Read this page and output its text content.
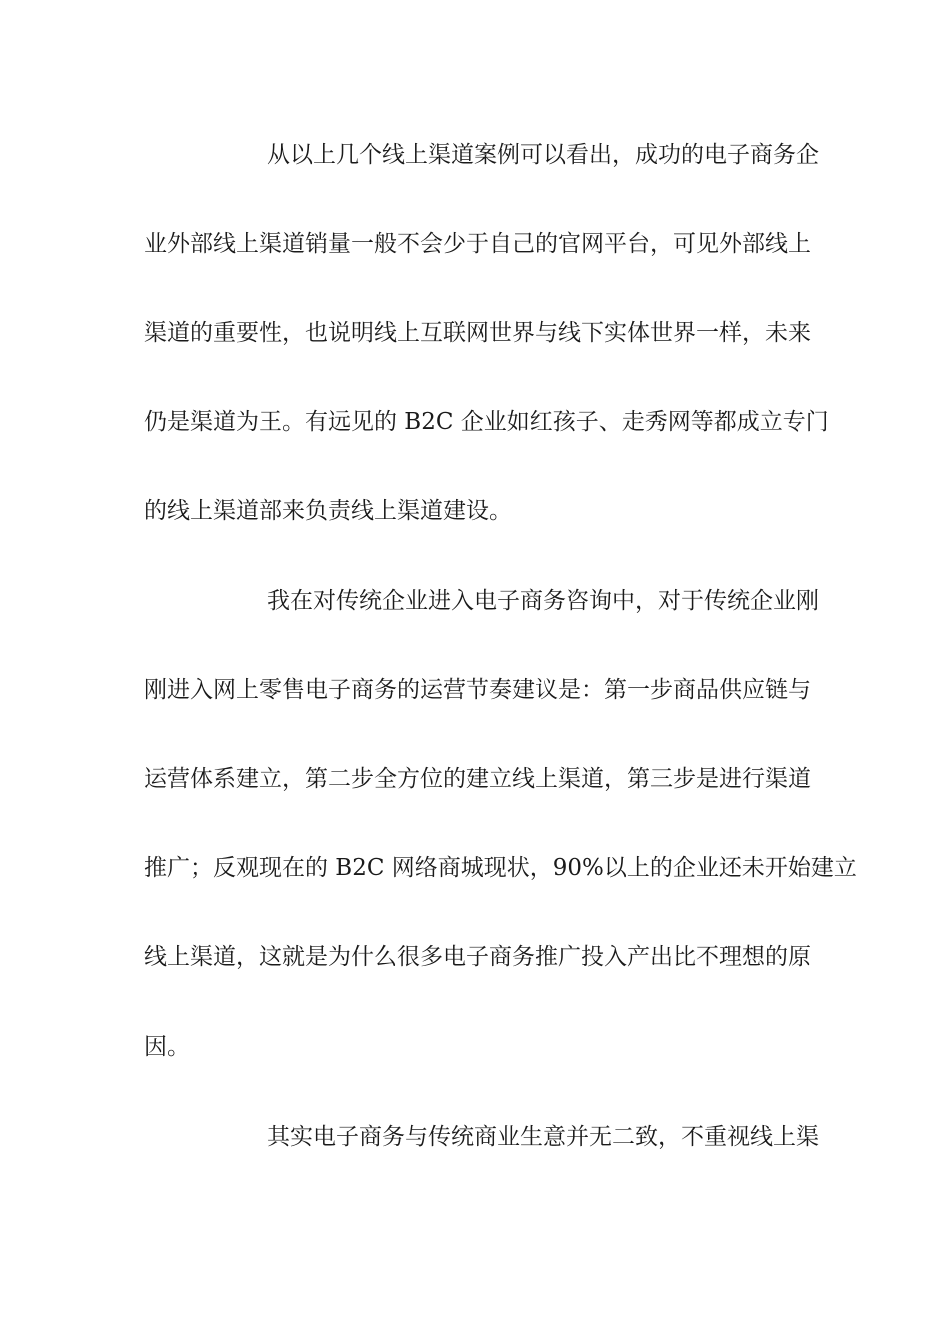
从以上几个线上渠道案例可以看出，成功的电子商务企
业外部线上渠道销量一般不会少于自己的官网平台，可见外部线上
渠道的重要性，也说明线上互联网世界与线下实体世界一样，未来
仍是渠道为王。有远见的 B2C 企业如红孩子、走秀网等都成立专门
的线上渠道部来负责线上渠道建设。
我在对传统企业进入电子商务咨询中，对于传统企业刚
刚进入网上零售电子商务的运营节奏建议是：第一步商品供应链与
运营体系建立，第二步全方位的建立线上渠道，第三步是进行渠道
推广；反观现在的 B2C 网络商城现状，90%以上的企业还未开始建立
线上渠道，这就是为什么很多电子商务推广投入产出比不理想的原
因。
其实电子商务与传统商业生意并无二致，不重视线上渠
